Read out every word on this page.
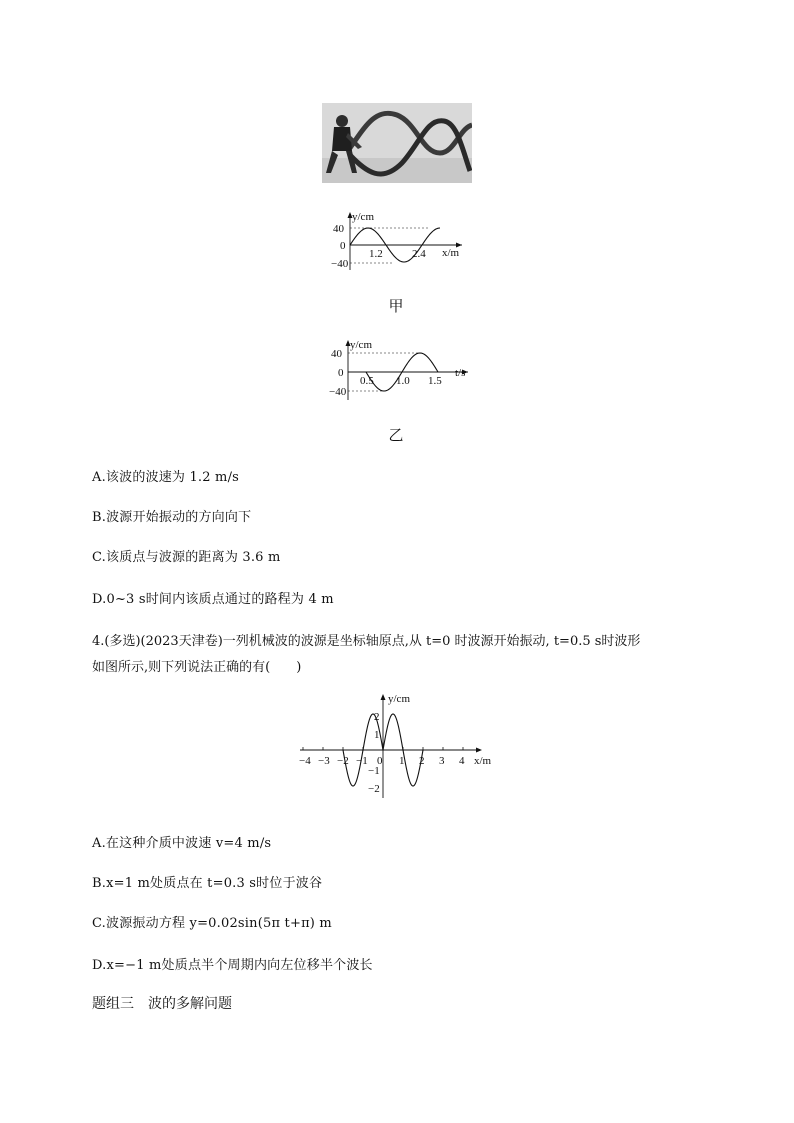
y/cm
40
0
−40
1.2	2.4 x/m
甲
y/cm
40
0
−40
0.5 1.0 1.5
t/s
乙
A.该波的波速为 1.2 m/s
B.波源开始振动的方向向下
C.该质点与波源的距离为 3.6 m
D.0~3 s时间内该质点通过的路程为 4 m
4.(多选)(2023天津卷)一列机械波的波源是坐标轴原点,从 t=0 时波源开始振动, t=0.5 s时波形
如图所示,则下列说法正确的有(　　)
y/cm
2
1
−1
−2
−4 −3 −2 −1 0 1 2 3 4 x/m
A.在这种介质中波速 v=4 m/s
B.x=1 m处质点在 t=0.3 s时位于波谷
C.波源振动方程 y=0.02sin(5π t+π) m
D.x=−1 m处质点半个周期内向左位移半个波长
题组三　波的多解问题
